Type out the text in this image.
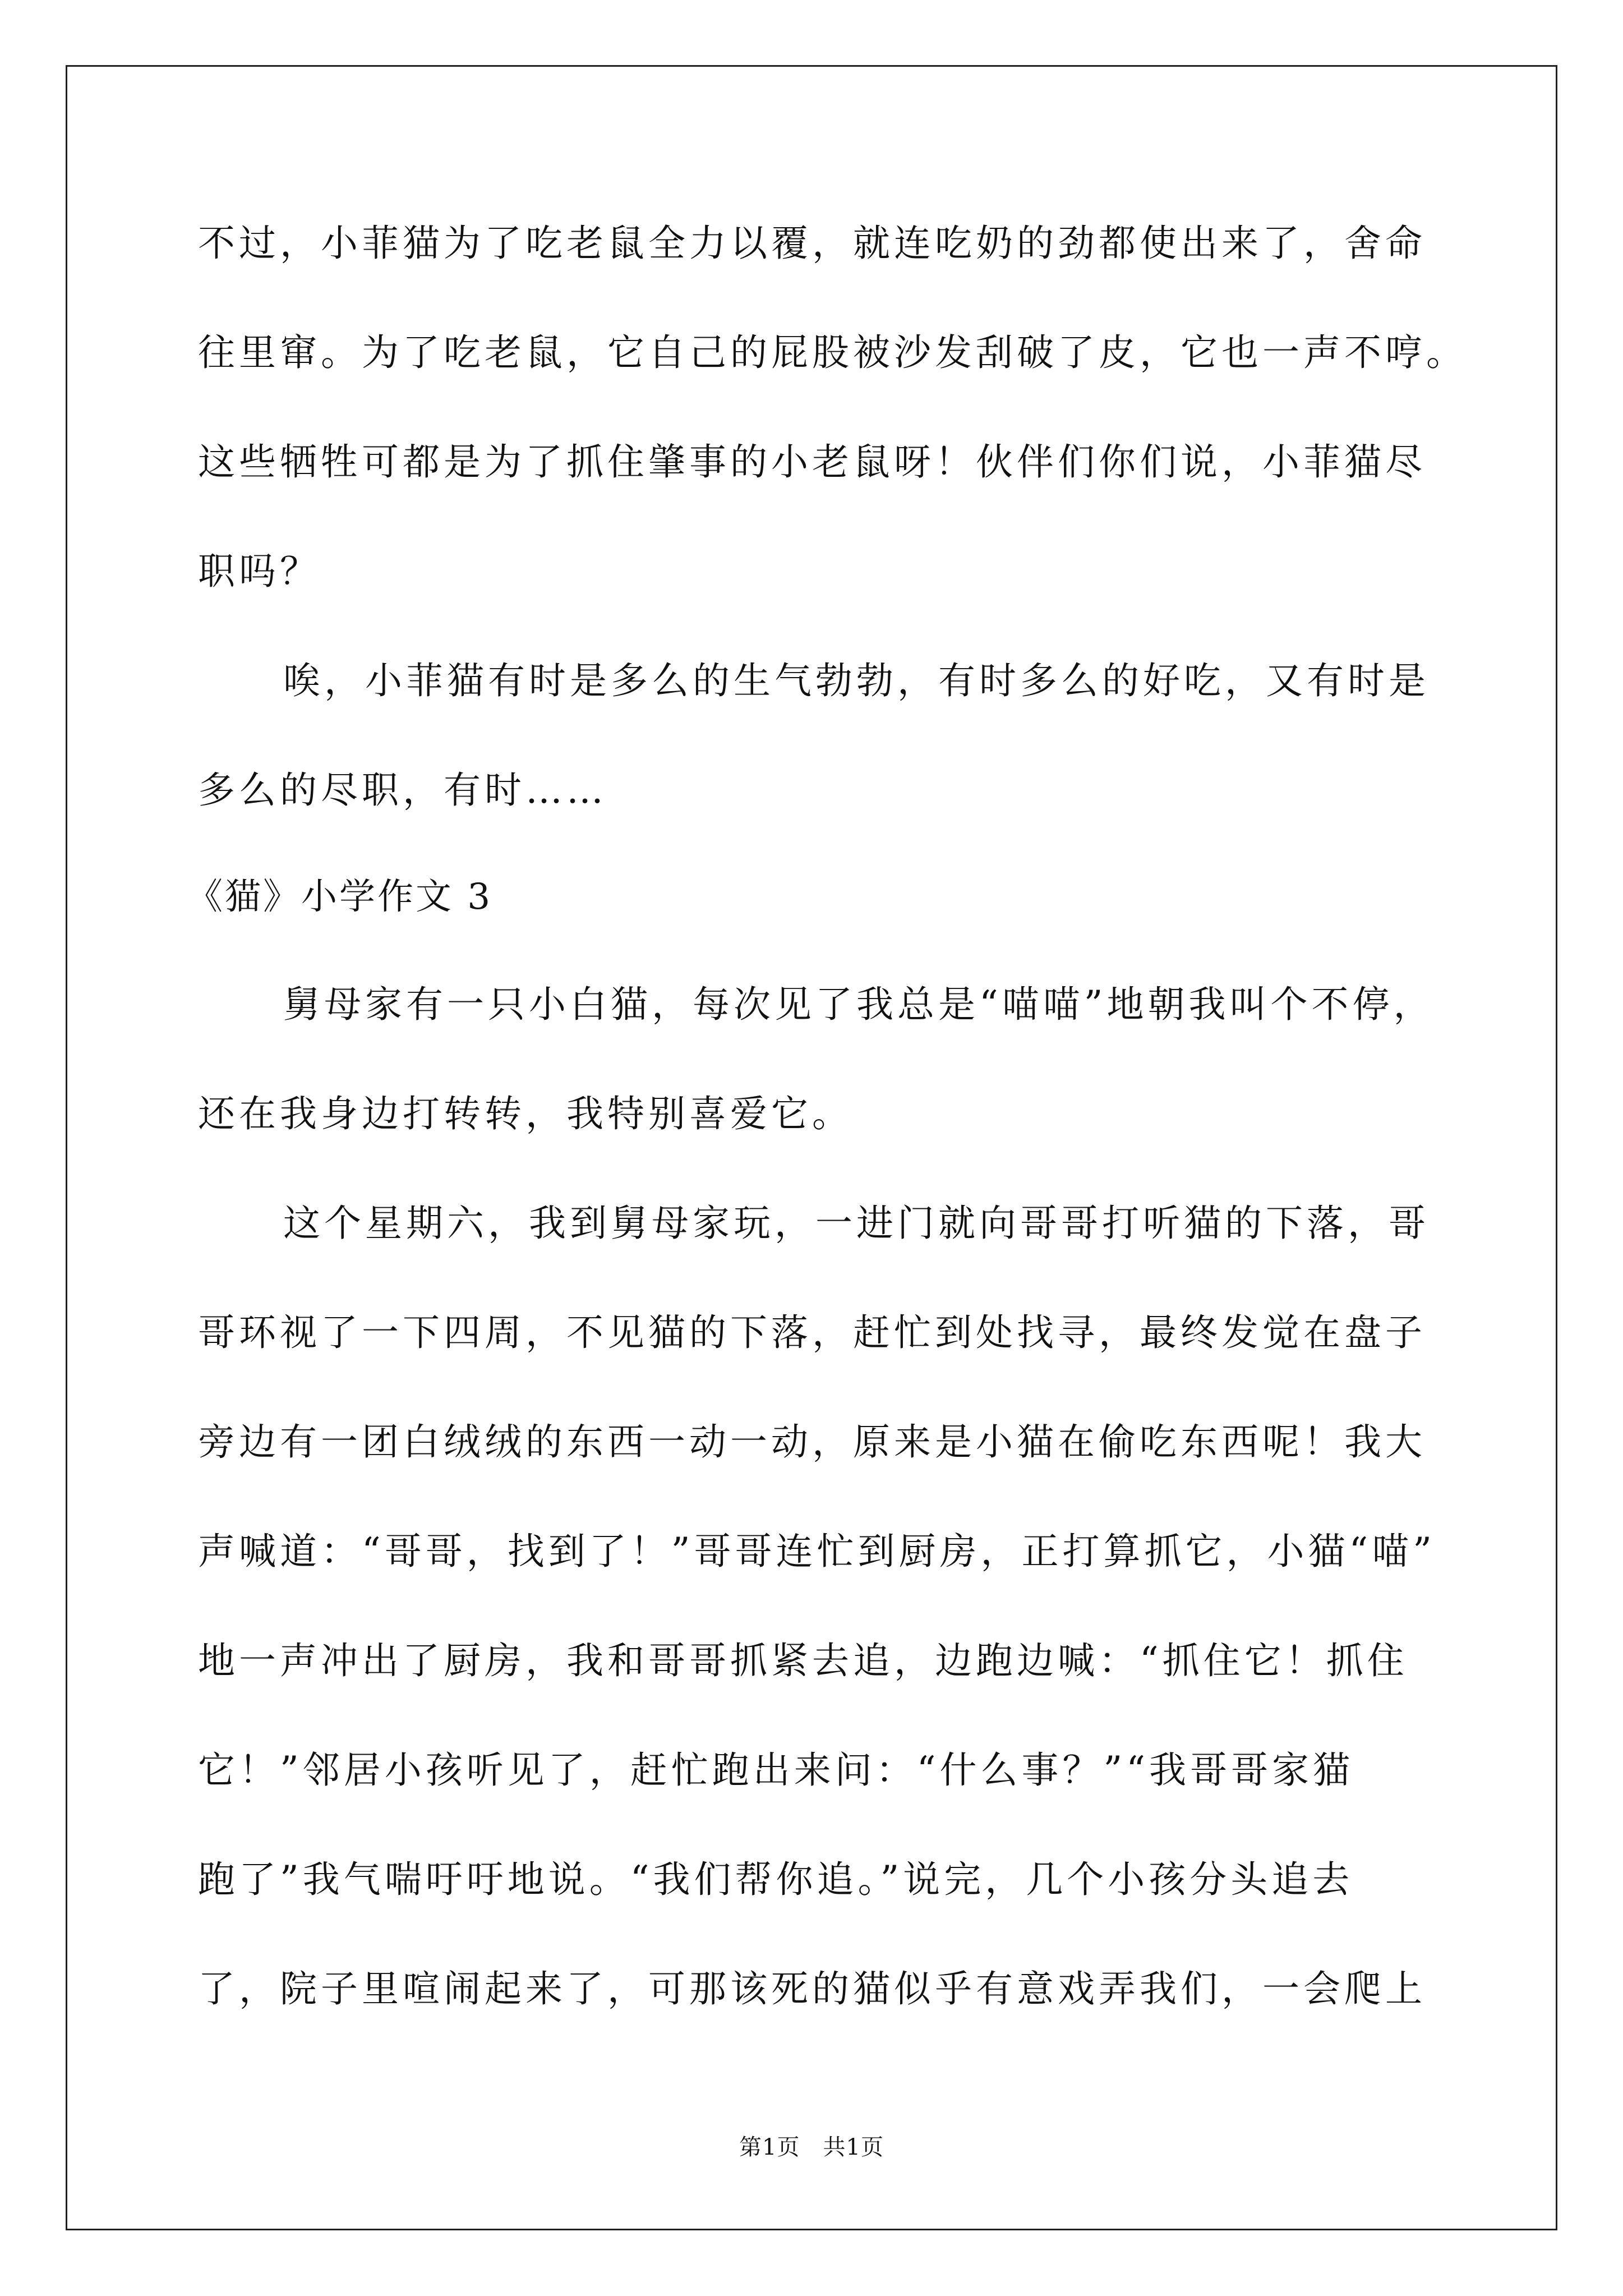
不过，小菲猫为了吃老鼠全力以覆，就连吃奶的劲都使出来了，舍命
往里窜。为了吃老鼠，它自己的屁股被沙发刮破了皮，它也一声不哼。
这些牺牲可都是为了抓住肇事的小老鼠呀！伙伴们你们说，小菲猫尽
职吗？
唉，小菲猫有时是多么的生气勃勃，有时多么的好吃，又有时是
多么的尽职，有时……
《猫》小学作文 3
舅母家有一只小白猫，每次见了我总是“喵喵”地朝我叫个不停，
还在我身边打转转，我特别喜爱它。
这个星期六，我到舅母家玩，一进门就向哥哥打听猫的下落，哥
哥环视了一下四周，不见猫的下落，赶忙到处找寻，最终发觉在盘子
旁边有一团白绒绒的东西一动一动，原来是小猫在偷吃东西呢！我大
声喊道：“哥哥，找到了！”哥哥连忙到厨房，正打算抓它，小猫“喵”
地一声冲出了厨房，我和哥哥抓紧去追，边跑边喊：“抓住它！抓住
它！”邻居小孩听见了，赶忙跑出来问：“什么事？”“我哥哥家猫
跑了”我气喘吁吁地说。“我们帮你追。”说完，几个小孩分头追去
了，院子里喧闹起来了，可那该死的猫似乎有意戏弄我们，一会爬上
第1页　共1页
